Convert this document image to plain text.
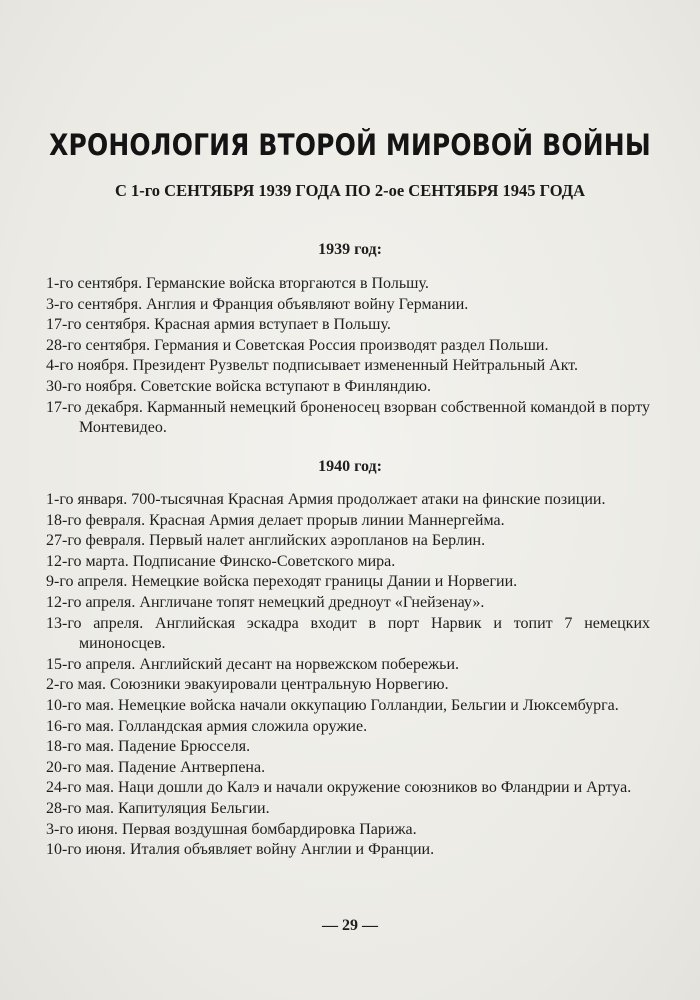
ХРОНОЛОГИЯ ВТОРОЙ МИРОВОЙ ВОЙНЫ
С 1-го СЕНТЯБРЯ 1939 ГОДА ПО 2-ое СЕНТЯБРЯ 1945 ГОДА
1939 год:

1-го сентября. Германские войска вторгаются в Польшу.

3-го сентября. Англия и Франция объявляют войну Германии.

17-го сентября. Красная армия вступает в Польшу.

28-го сентября. Германия и Советская Россия производят раздел Польши.

4-го ноября. Президент Рузвельт подписывает измененный Нейтральный Акт.

30-го ноября. Советские войска вступают в Финляндию.

17-го декабря. Карманный немецкий броненосец взорван собственной командой в порту Монтевидео.

1940 год:

1-го января. 700-тысячная Красная Армия продолжает атаки на финские позиции.

18-го февраля. Красная Армия делает прорыв линии Маннергейма.

27-го февраля. Первый налет английских аэропланов на Берлин.

12-го марта. Подписание Финско-Советского мира.

9-го апреля. Немецкие войска переходят границы Дании и Норвегии.

12-го апреля. Англичане топят немецкий дредноут «Гнейзенау».

13-го апреля. Английская эскадра входит в порт Нарвик и топит 7 немецких миноносцев.

15-го апреля. Английский десант на норвежском побережьи.

2-го мая. Союзники эвакуировали центральную Норвегию.

10-го мая. Немецкие войска начали оккупацию Голландии, Бельгии и Люксембурга.

16-го мая. Голландская армия сложила оружие.

18-го мая. Падение Брюсселя.

20-го мая. Падение Антверпена.

24-го мая. Наци дошли до Калэ и начали окружение союзников во Фландрии и Артуа.

28-го мая. Капитуляция Бельгии.

3-го июня. Первая воздушная бомбардировка Парижа.

10-го июня. Италия объявляет войну Англии и Франции.

— 29 —
